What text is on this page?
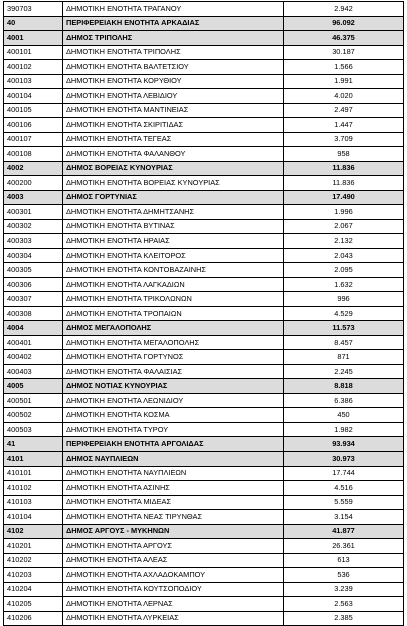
390703	ΔΗΜΟΤΙΚΗ ΕΝΟΤΗΤΑ ΤΡΑΓΑΝΟΥ	2.942
40	ΠΕΡΙΦΕΡΕΙΑΚΗ ΕΝΟΤΗΤΑ ΑΡΚΑΔΙΑΣ	96.092
4001	ΔΗΜΟΣ ΤΡΙΠΟΛΗΣ	46.375
400101	ΔΗΜΟΤΙΚΗ ΕΝΟΤΗΤΑ ΤΡΙΠΟΛΗΣ	30.187
400102	ΔΗΜΟΤΙΚΗ ΕΝΟΤΗΤΑ ΒΑΛΤΕΤΣΙΟΥ	1.566
400103	ΔΗΜΟΤΙΚΗ ΕΝΟΤΗΤΑ ΚΟΡΥΘΙΟΥ	1.991
400104	ΔΗΜΟΤΙΚΗ ΕΝΟΤΗΤΑ ΛΕΒΙΔΙΟΥ	4.020
400105	ΔΗΜΟΤΙΚΗ ΕΝΟΤΗΤΑ ΜΑΝΤΙΝΕΙΑΣ	2.497
400106	ΔΗΜΟΤΙΚΗ ΕΝΟΤΗΤΑ ΣΚΙΡΙΤΙΔΑΣ	1.447
400107	ΔΗΜΟΤΙΚΗ ΕΝΟΤΗΤΑ ΤΕΓΕΑΣ	3.709
400108	ΔΗΜΟΤΙΚΗ ΕΝΟΤΗΤΑ ΦΑΛΑΝΘΟΥ	958
4002	ΔΗΜΟΣ ΒΟΡΕΙΑΣ ΚΥΝΟΥΡΙΑΣ	11.836
400200	ΔΗΜΟΤΙΚΗ ΕΝΟΤΗΤΑ ΒΟΡΕΙΑΣ ΚΥΝΟΥΡΙΑΣ	11.836
4003	ΔΗΜΟΣ ΓΟΡΤΥΝΙΑΣ	17.490
400301	ΔΗΜΟΤΙΚΗ ΕΝΟΤΗΤΑ ΔΗΜΗΤΣΑΝΗΣ	1.996
400302	ΔΗΜΟΤΙΚΗ ΕΝΟΤΗΤΑ ΒΥΤΙΝΑΣ	2.067
400303	ΔΗΜΟΤΙΚΗ ΕΝΟΤΗΤΑ ΗΡΑΙΑΣ	2.132
400304	ΔΗΜΟΤΙΚΗ ΕΝΟΤΗΤΑ ΚΛΕΙΤΟΡΟΣ	2.043
400305	ΔΗΜΟΤΙΚΗ ΕΝΟΤΗΤΑ ΚΟΝΤΟΒΑΖΑΙΝΗΣ	2.095
400306	ΔΗΜΟΤΙΚΗ ΕΝΟΤΗΤΑ ΛΑΓΚΑΔΙΩΝ	1.632
400307	ΔΗΜΟΤΙΚΗ ΕΝΟΤΗΤΑ ΤΡΙΚΟΛΩΝΩΝ	996
400308	ΔΗΜΟΤΙΚΗ ΕΝΟΤΗΤΑ ΤΡΟΠΑΙΩΝ	4.529
4004	ΔΗΜΟΣ ΜΕΓΑΛΟΠΟΛΗΣ	11.573
400401	ΔΗΜΟΤΙΚΗ ΕΝΟΤΗΤΑ ΜΕΓΑΛΟΠΟΛΗΣ	8.457
400402	ΔΗΜΟΤΙΚΗ ΕΝΟΤΗΤΑ ΓΟΡΤΥΝΟΣ	871
400403	ΔΗΜΟΤΙΚΗ ΕΝΟΤΗΤΑ ΦΑΛΑΙΣΙΑΣ	2.245
4005	ΔΗΜΟΣ ΝΟΤΙΑΣ ΚΥΝΟΥΡΙΑΣ	8.818
400501	ΔΗΜΟΤΙΚΗ ΕΝΟΤΗΤΑ ΛΕΩΝΙΔΙΟΥ	6.386
400502	ΔΗΜΟΤΙΚΗ ΕΝΟΤΗΤΑ ΚΟΣΜΑ	450
400503	ΔΗΜΟΤΙΚΗ ΕΝΟΤΗΤΑ ΤΥΡΟΥ	1.982
41	ΠΕΡΙΦΕΡΕΙΑΚΗ ΕΝΟΤΗΤΑ ΑΡΓΟΛΙΔΑΣ	93.934
4101	ΔΗΜΟΣ ΝΑΥΠΛΙΕΩΝ	30.973
410101	ΔΗΜΟΤΙΚΗ ΕΝΟΤΗΤΑ ΝΑΥΠΛΙΕΩΝ	17.744
410102	ΔΗΜΟΤΙΚΗ ΕΝΟΤΗΤΑ ΑΣΙΝΗΣ	4.516
410103	ΔΗΜΟΤΙΚΗ ΕΝΟΤΗΤΑ ΜΙΔΕΑΣ	5.559
410104	ΔΗΜΟΤΙΚΗ ΕΝΟΤΗΤΑ ΝΕΑΣ ΤΙΡΥΝΘΑΣ	3.154
4102	ΔΗΜΟΣ ΑΡΓΟΥΣ - ΜΥΚΗΝΩΝ	41.877
410201	ΔΗΜΟΤΙΚΗ ΕΝΟΤΗΤΑ ΑΡΓΟΥΣ	26.361
410202	ΔΗΜΟΤΙΚΗ ΕΝΟΤΗΤΑ ΑΛΕΑΣ	613
410203	ΔΗΜΟΤΙΚΗ ΕΝΟΤΗΤΑ ΑΧΛΑΔΟΚΑΜΠΟΥ	536
410204	ΔΗΜΟΤΙΚΗ ΕΝΟΤΗΤΑ ΚΟΥΤΣΟΠΟΔΙΟΥ	3.239
410205	ΔΗΜΟΤΙΚΗ ΕΝΟΤΗΤΑ ΛΕΡΝΑΣ	2.563
410206	ΔΗΜΟΤΙΚΗ ΕΝΟΤΗΤΑ ΛΥΡΚΕΙΑΣ	2.385
